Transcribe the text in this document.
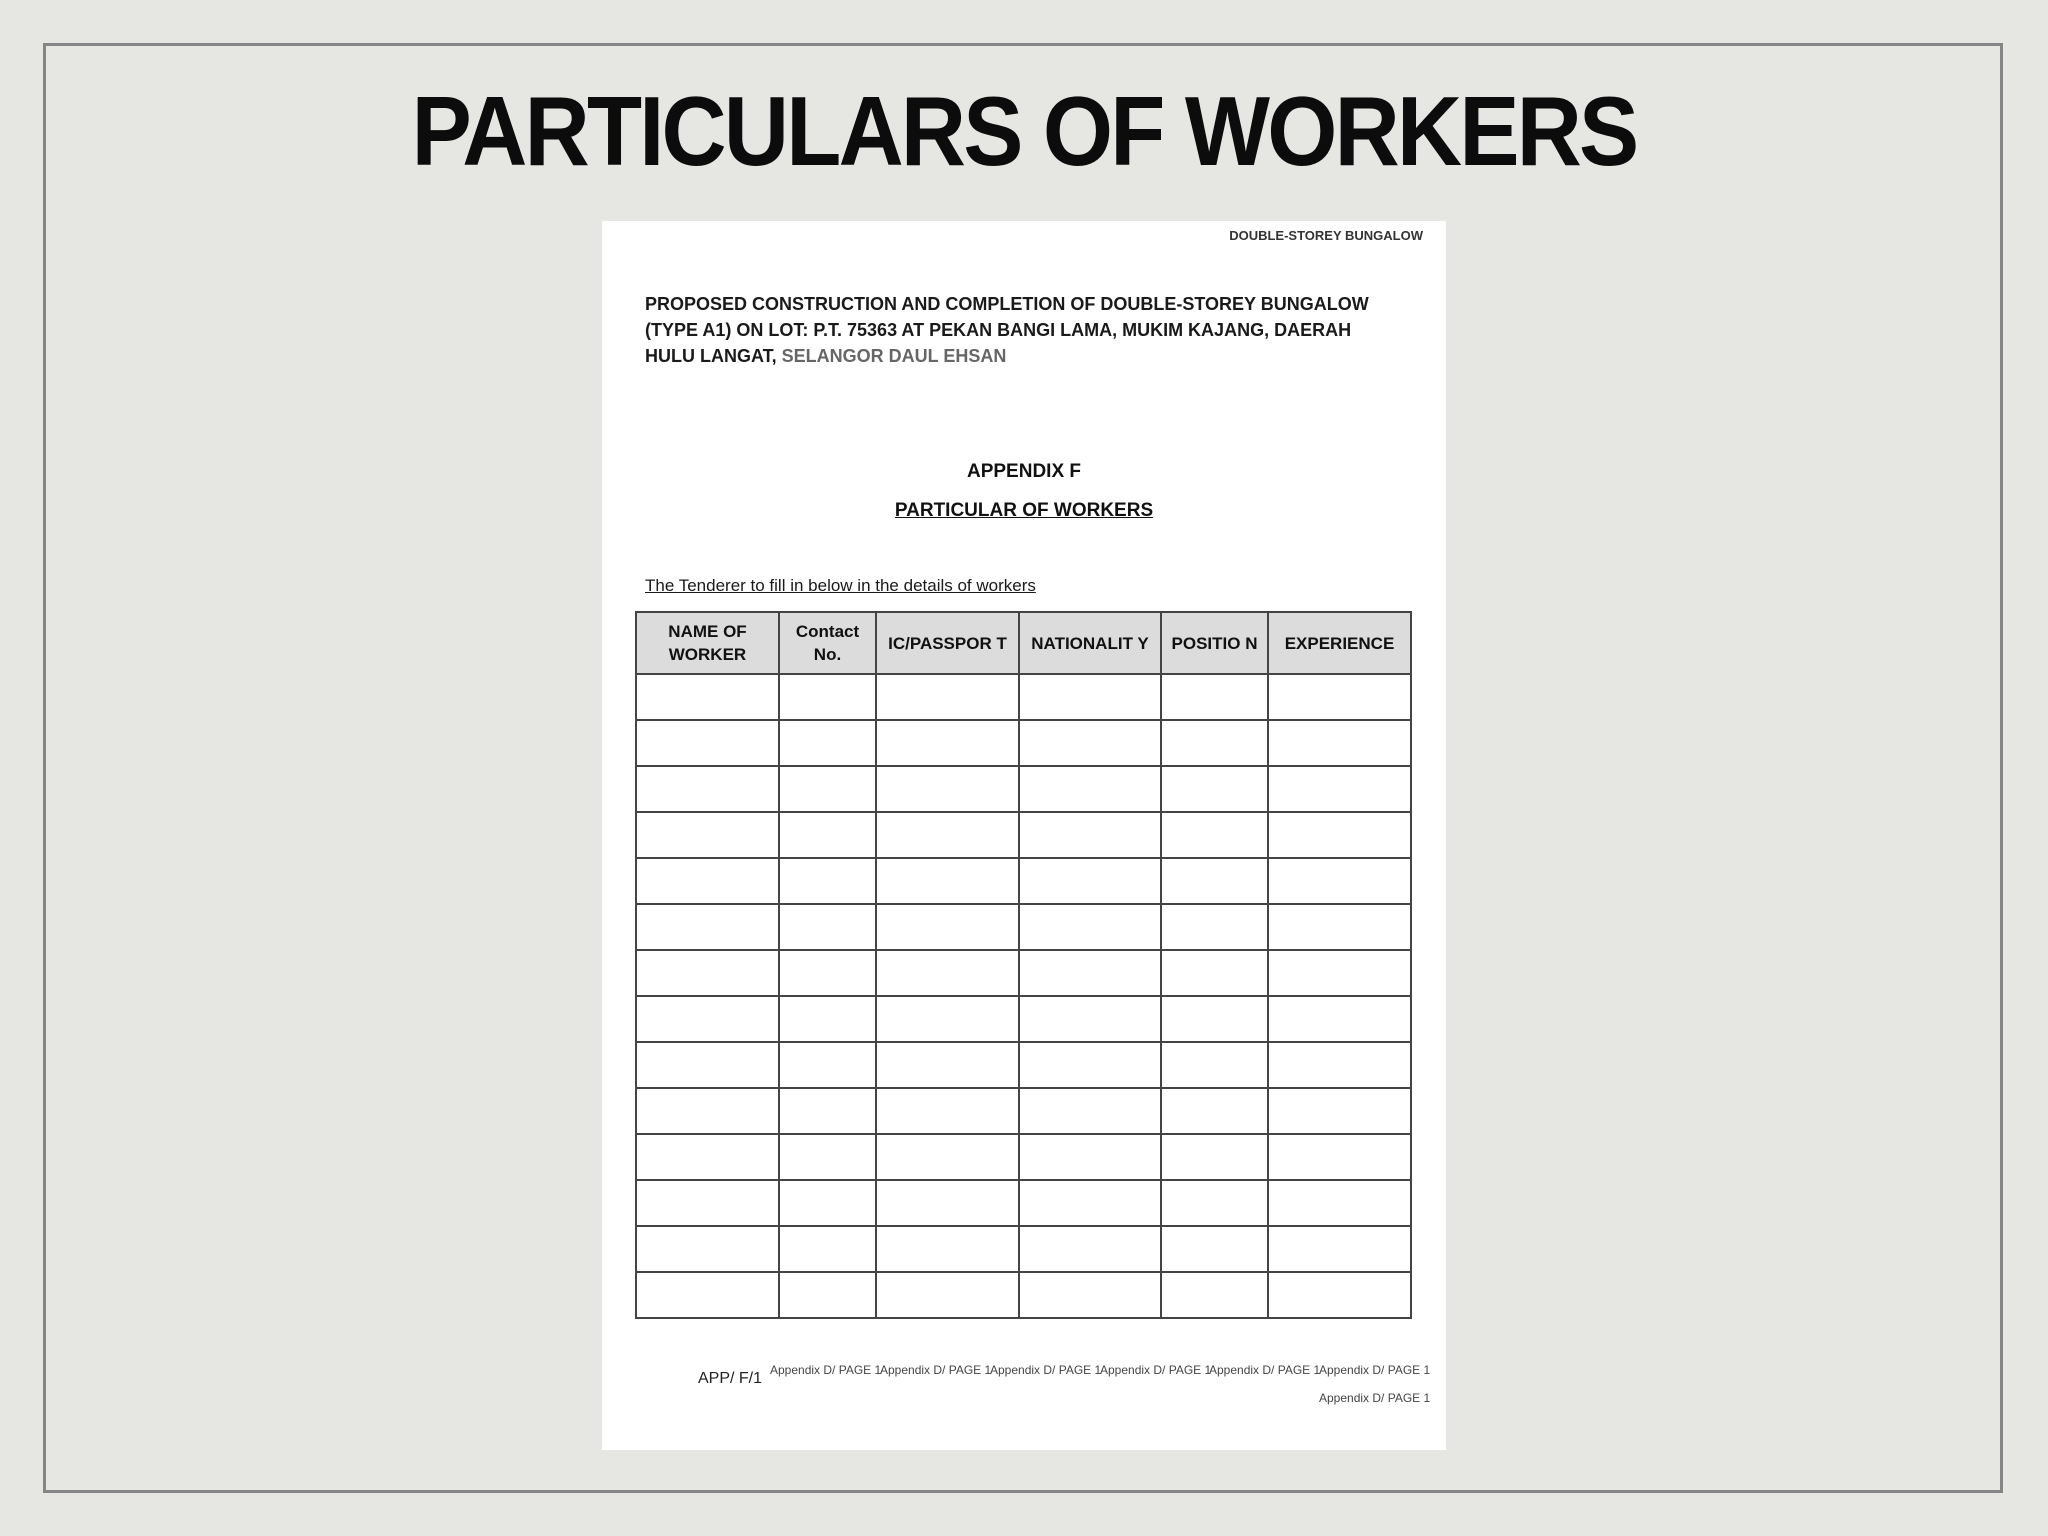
PARTICULARS OF WORKERS
DOUBLE-STOREY BUNGALOW
PROPOSED CONSTRUCTION AND COMPLETION OF DOUBLE-STOREY BUNGALOW (TYPE A1) ON LOT: P.T. 75363 AT PEKAN BANGI LAMA, MUKIM KAJANG, DAERAH HULU LANGAT, SELANGOR DAUL EHSAN
APPENDIX F
PARTICULAR OF WORKERS
The Tenderer to fill in below in the details of workers
NAME OF WORKER	Contact No.	IC/PASSPOR T	NATIONALIT Y	POSITIO N	EXPERIENCE

APP/ F/1 Appendix D/ PAGE 1
Appendix D/ PAGE 1
Appendix D/ PAGE 1
Appendix D/ PAGE 1
Appendix D/ PAGE 1
Appendix D/ PAGE 1
Appendix D/ PAGE 1
